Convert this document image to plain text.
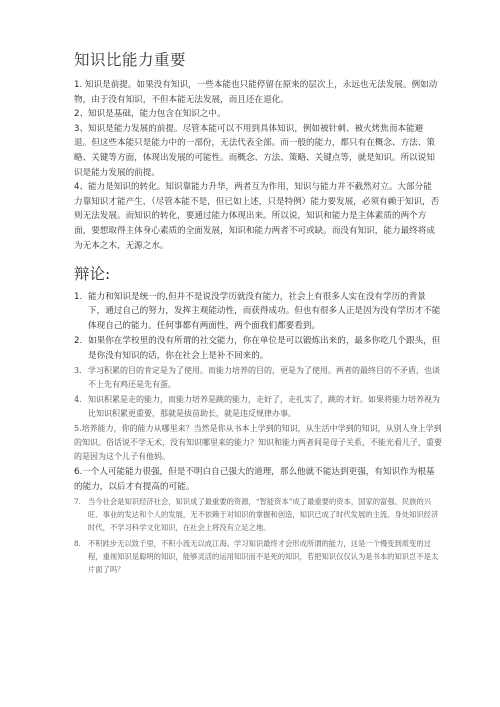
知识比能力重要

1. 知识是前提。如果没有知识，一些本能也只能停留在原来的层次上，永远也无法发展。例如动物，由于没有知识，不但本能无法发展，而且还在退化。

2、知识是基础，能力包含在知识之中。

3、知识是能力发展的前提。尽管本能可以不用到具体知识，例如被针刺、被火烤焦而本能避退。但这些本能只是能力中的一部份，无法代表全部。而一般的能力，都只有在概念、方法、策略、关键等方面，体现出发展的可能性。而概念、方法、策略、关键点等，就是知识。所以说知识是能力发展的前提。

4、能力是知识的转化。知识靠能力升华，两者互为作用，知识与能力并不截然对立。大部分能力靠知识才能产生，（尽管本能不是，但已如上述，只是特例）能力要发展，必须有赖于知识，否则无法发展。而知识的转化，要通过能力体现出来。所以说，知识和能力是主体素质的两个方面，要想取得主体身心素质的全面发展，知识和能力两者不可或缺。而没有知识，能力最终将成为无本之木，无源之水。

辩论:
1. 能力和知识是统一的,但并不是说没学历就没有能力，社会上有很多人实在没有学历的背景下，通过自己的努力，发挥主观能动性，而获得成功。但也有很多人正是因为没有学历才不能体现自己的能力。任何事都有两面性，两个面我们都要看到。
2. 如果你在学校里的没有所谓的社交能力，你在单位是可以锻炼出来的，最多你吃几个跟头，但是你没有知识的话，你在社会上是补不回来的。
3. 学习积累的目的肯定是为了使用。而能力培养的目的，更是为了使用。两者的最终目的不矛盾，也谈不上先有鸡还是先有蛋。
4. 知识积累是走的能力，而能力培养是跳的能力，走好了，走扎实了，跳的才好。如果将能力培养视为比知识积累更重要，那就是拔苗助长，就是违反规律办事。
5.培养能力，你的能力从哪里来？当然是你从书本上学到的知识，从生活中学到的知识，从别人身上学到的知识。俗话说不学无术，没有知识哪里来的能力？知识和能力两者间是母子关系，不能光看儿子，重要的是因为这个儿子有他妈。
6.一个人可能能力很强，但是不明白自己强大的道理，那么他就不能达到更强，有知识作为根基的能力，以后才有提高的可能。
7. 当今社会是知识经济社会，知识成了最重要的资源，“智能资本”成了最重要的资本，国家的富强、民族的兴旺、事业的发达和个人的发展，无不依赖于对知识的掌握和创造，知识已成了时代发展的主流。身处知识经济时代，不学习科学文化知识，在社会上将没有立足之地。
8. 不积跬步无以致千里，不积小流无以成江海。学习知识最终才会形成所谓的能力，这是一个慢变到质变的过程，重视知识是聪明的知识，能够灵活的运用知识而不是死的知识，若把知识仅仅认为是书本的知识岂不是太片面了吗？
